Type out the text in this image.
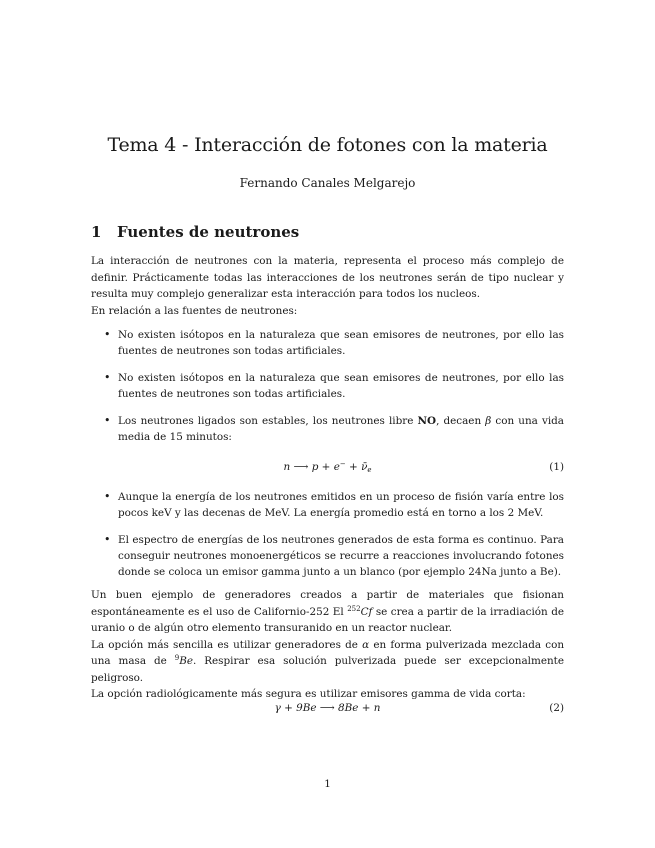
Tema 4 - Interacción de fotones con la materia
Fernando Canales Melgarejo
1 Fuentes de neutrones
La interacción de neutrones con la materia, representa el proceso más complejo de definir. Prácticamente todas las interacciones de los neutrones serán de tipo nuclear y resulta muy complejo generalizar esta interacción para todos los nucleos.
En relación a las fuentes de neutrones:
• No existen isótopos en la naturaleza que sean emisores de neutrones, por ello las fuentes de neutrones son todas artificiales.
• No existen isótopos en la naturaleza que sean emisores de neutrones, por ello las fuentes de neutrones son todas artificiales.
• Los neutrones ligados son estables, los neutrones libre NO, decaen β con una vida media de 15 minutos:
n ⟶ $p + e^- + \nū_e$	(1)
• Aunque la energía de los neutrones emitidos en un proceso de fisión varía entre los pocos keV y las decenas de MeV. La energía promedio está en torno a los 2 MeV.
• El espectro de energías de los neutrones generados de esta forma es continuo. Para conseguir neutrones monoenergéticos se recurre a reacciones involucrando fotones donde se coloca un emisor gamma junto a un blanco (por ejemplo 24Na junto a Be).
Un buen ejemplo de generadores creados a partir de materiales que fisionan espontáneamente es el uso de Californio-252 El $^{252}$Cf se crea a partir de la irradiación de uranio o de algún otro elemento transuranido en un reactor nuclear.
La opción más sencilla es utilizar generadores de α en forma pulverizada mezclada con una masa de $^9$Be. Respirar esa solución pulverizada puede ser excepcionalmente peligroso.
La opción radiológicamente más segura es utilizar emisores gamma de vida corta:
γ + 9Be ⟶ 8Be + n	(2)
1
